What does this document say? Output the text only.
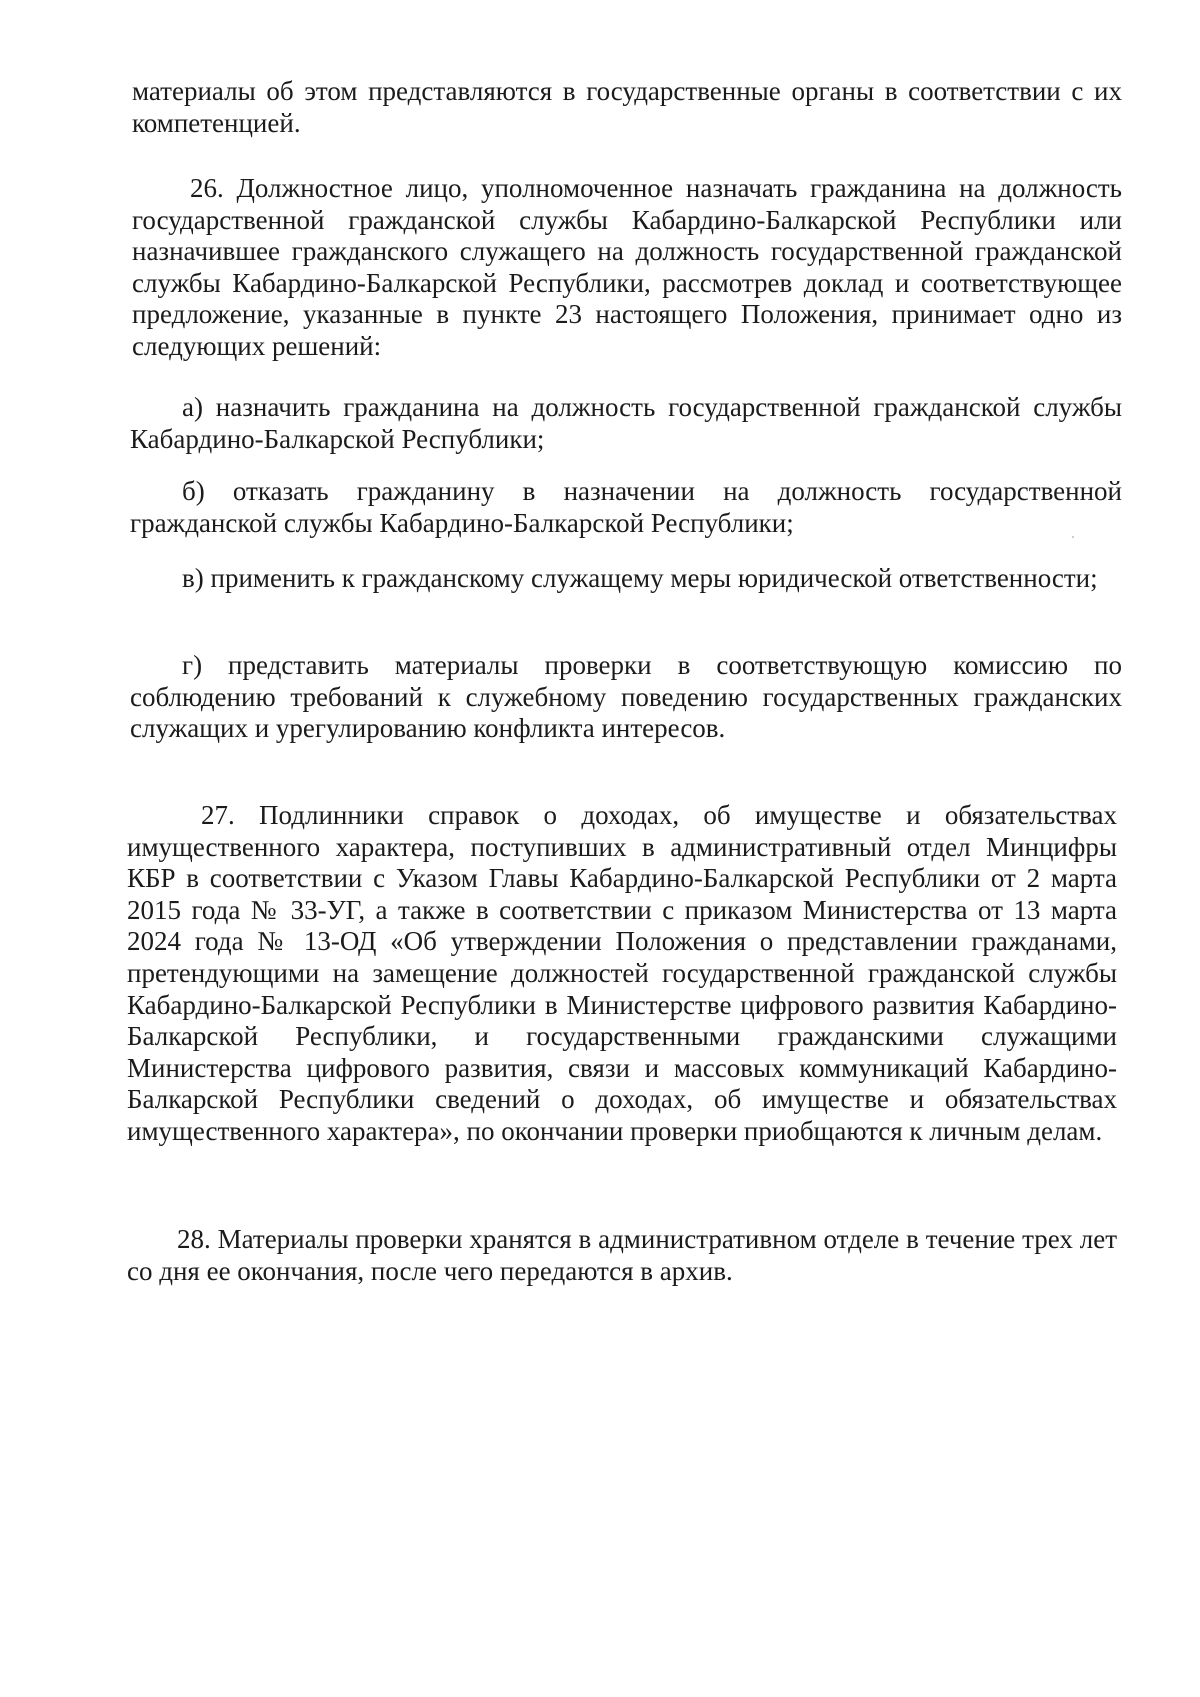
материалы об этом представляются в государственные органы в соответствии с их компетенцией.

26. Должностное лицо, уполномоченное назначать гражданина на должность государственной гражданской службы Кабардино-Балкарской Республики или назначившее гражданского служащего на должность государственной гражданской службы Кабардино-Балкарской Республики, рассмотрев доклад и соответствующее предложение, указанные в пункте 23 настоящего Положения, принимает одно из следующих решений:

а) назначить гражданина на должность государственной гражданской службы Кабардино-Балкарской Республики;

б) отказать гражданину в назначении на должность государственной гражданской службы Кабардино-Балкарской Республики;

в) применить к гражданскому служащему меры юридической ответственности;

г) представить материалы проверки в соответствующую комиссию по соблюдению требований к служебному поведению государственных гражданских служащих и урегулированию конфликта интересов.

27. Подлинники справок о доходах, об имуществе и обязательствах имущественного характера, поступивших в административный отдел Минцифры КБР в соответствии с Указом Главы Кабардино-Балкарской Республики от 2 марта 2015 года № 33-УГ, а также в соответствии с приказом Министерства от 13 марта 2024 года № 13-ОД «Об утверждении Положения о представлении гражданами, претендующими на замещение должностей государственной гражданской службы Кабардино-Балкарской Республики в Министерстве цифрового развития Кабардино-Балкарской Республики, и государственными гражданскими служащими Министерства цифрового развития, связи и массовых коммуникаций Кабардино-Балкарской Республики сведений о доходах, об имуществе и обязательствах имущественного характера», по окончании проверки приобщаются к личным делам.

28. Материалы проверки хранятся в административном отделе в течение трех лет со дня ее окончания, после чего передаются в архив.
